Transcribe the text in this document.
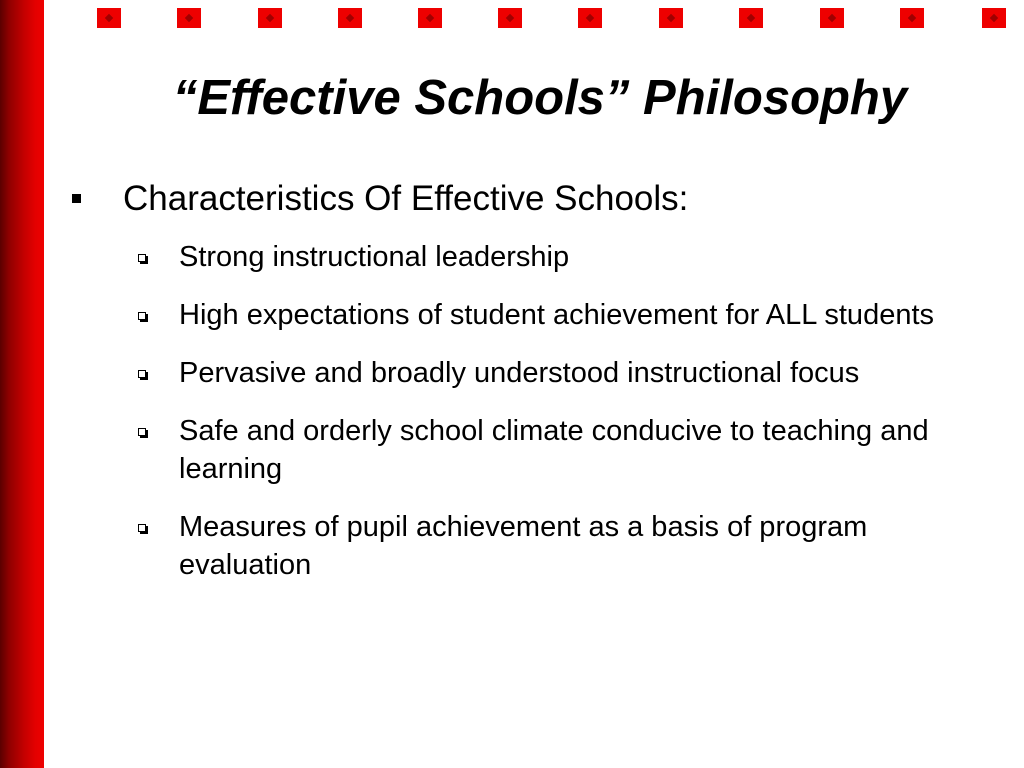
“Effective Schools” Philosophy
Characteristics Of Effective Schools:
Strong instructional leadership
High expectations of student achievement for ALL students
Pervasive and broadly understood instructional focus
Safe and orderly school climate conducive to teaching and learning
Measures of pupil achievement as a basis of program evaluation
